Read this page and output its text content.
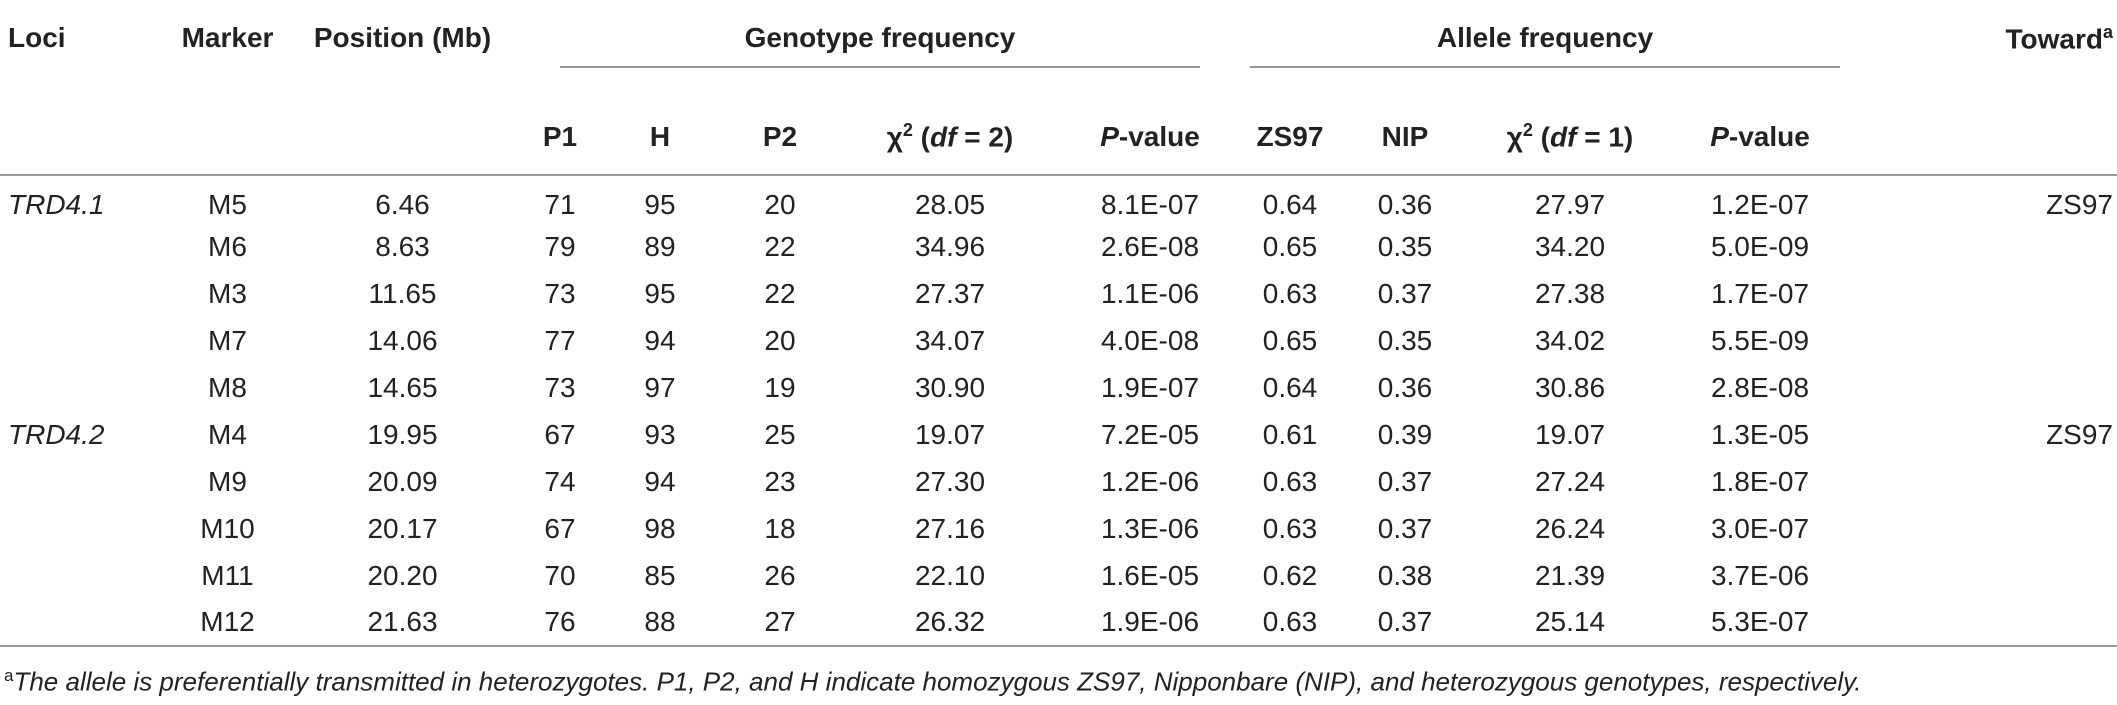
Loci	Marker	Position (Mb)	Genotype frequency					Allele frequency				Toward$^a$
			P1	H	P2	$\chi^2$ (df = 2)	P-value	ZS97	NIP	$\chi^2$ (df = 1)	P-value	

TRD4.1	M5	6.46	71	95	20	28.05	8.1E-07	0.64	0.36	27.97	1.2E-07	ZS97
	M6	8.63	79	89	22	34.96	2.6E-08	0.65	0.35	34.20	5.0E-09	
	M3	11.65	73	95	22	27.37	1.1E-06	0.63	0.37	27.38	1.7E-07	
	M7	14.06	77	94	20	34.07	4.0E-08	0.65	0.35	34.02	5.5E-09	
	M8	14.65	73	97	19	30.90	1.9E-07	0.64	0.36	30.86	2.8E-08	
TRD4.2	M4	19.95	67	93	25	19.07	7.2E-05	0.61	0.39	19.07	1.3E-05	ZS97
	M9	20.09	74	94	23	27.30	1.2E-06	0.63	0.37	27.24	1.8E-07	
	M10	20.17	67	98	18	27.16	1.3E-06	0.63	0.37	26.24	3.0E-07	
	M11	20.20	70	85	26	22.10	1.6E-05	0.62	0.38	21.39	3.7E-06	
	M12	21.63	76	88	27	26.32	1.9E-06	0.63	0.37	25.14	5.3E-07	

$^a$The allele is preferentially transmitted in heterozygotes. P1, P2, and H indicate homozygous ZS97, Nipponbare (NIP), and heterozygous genotypes, respectively.
